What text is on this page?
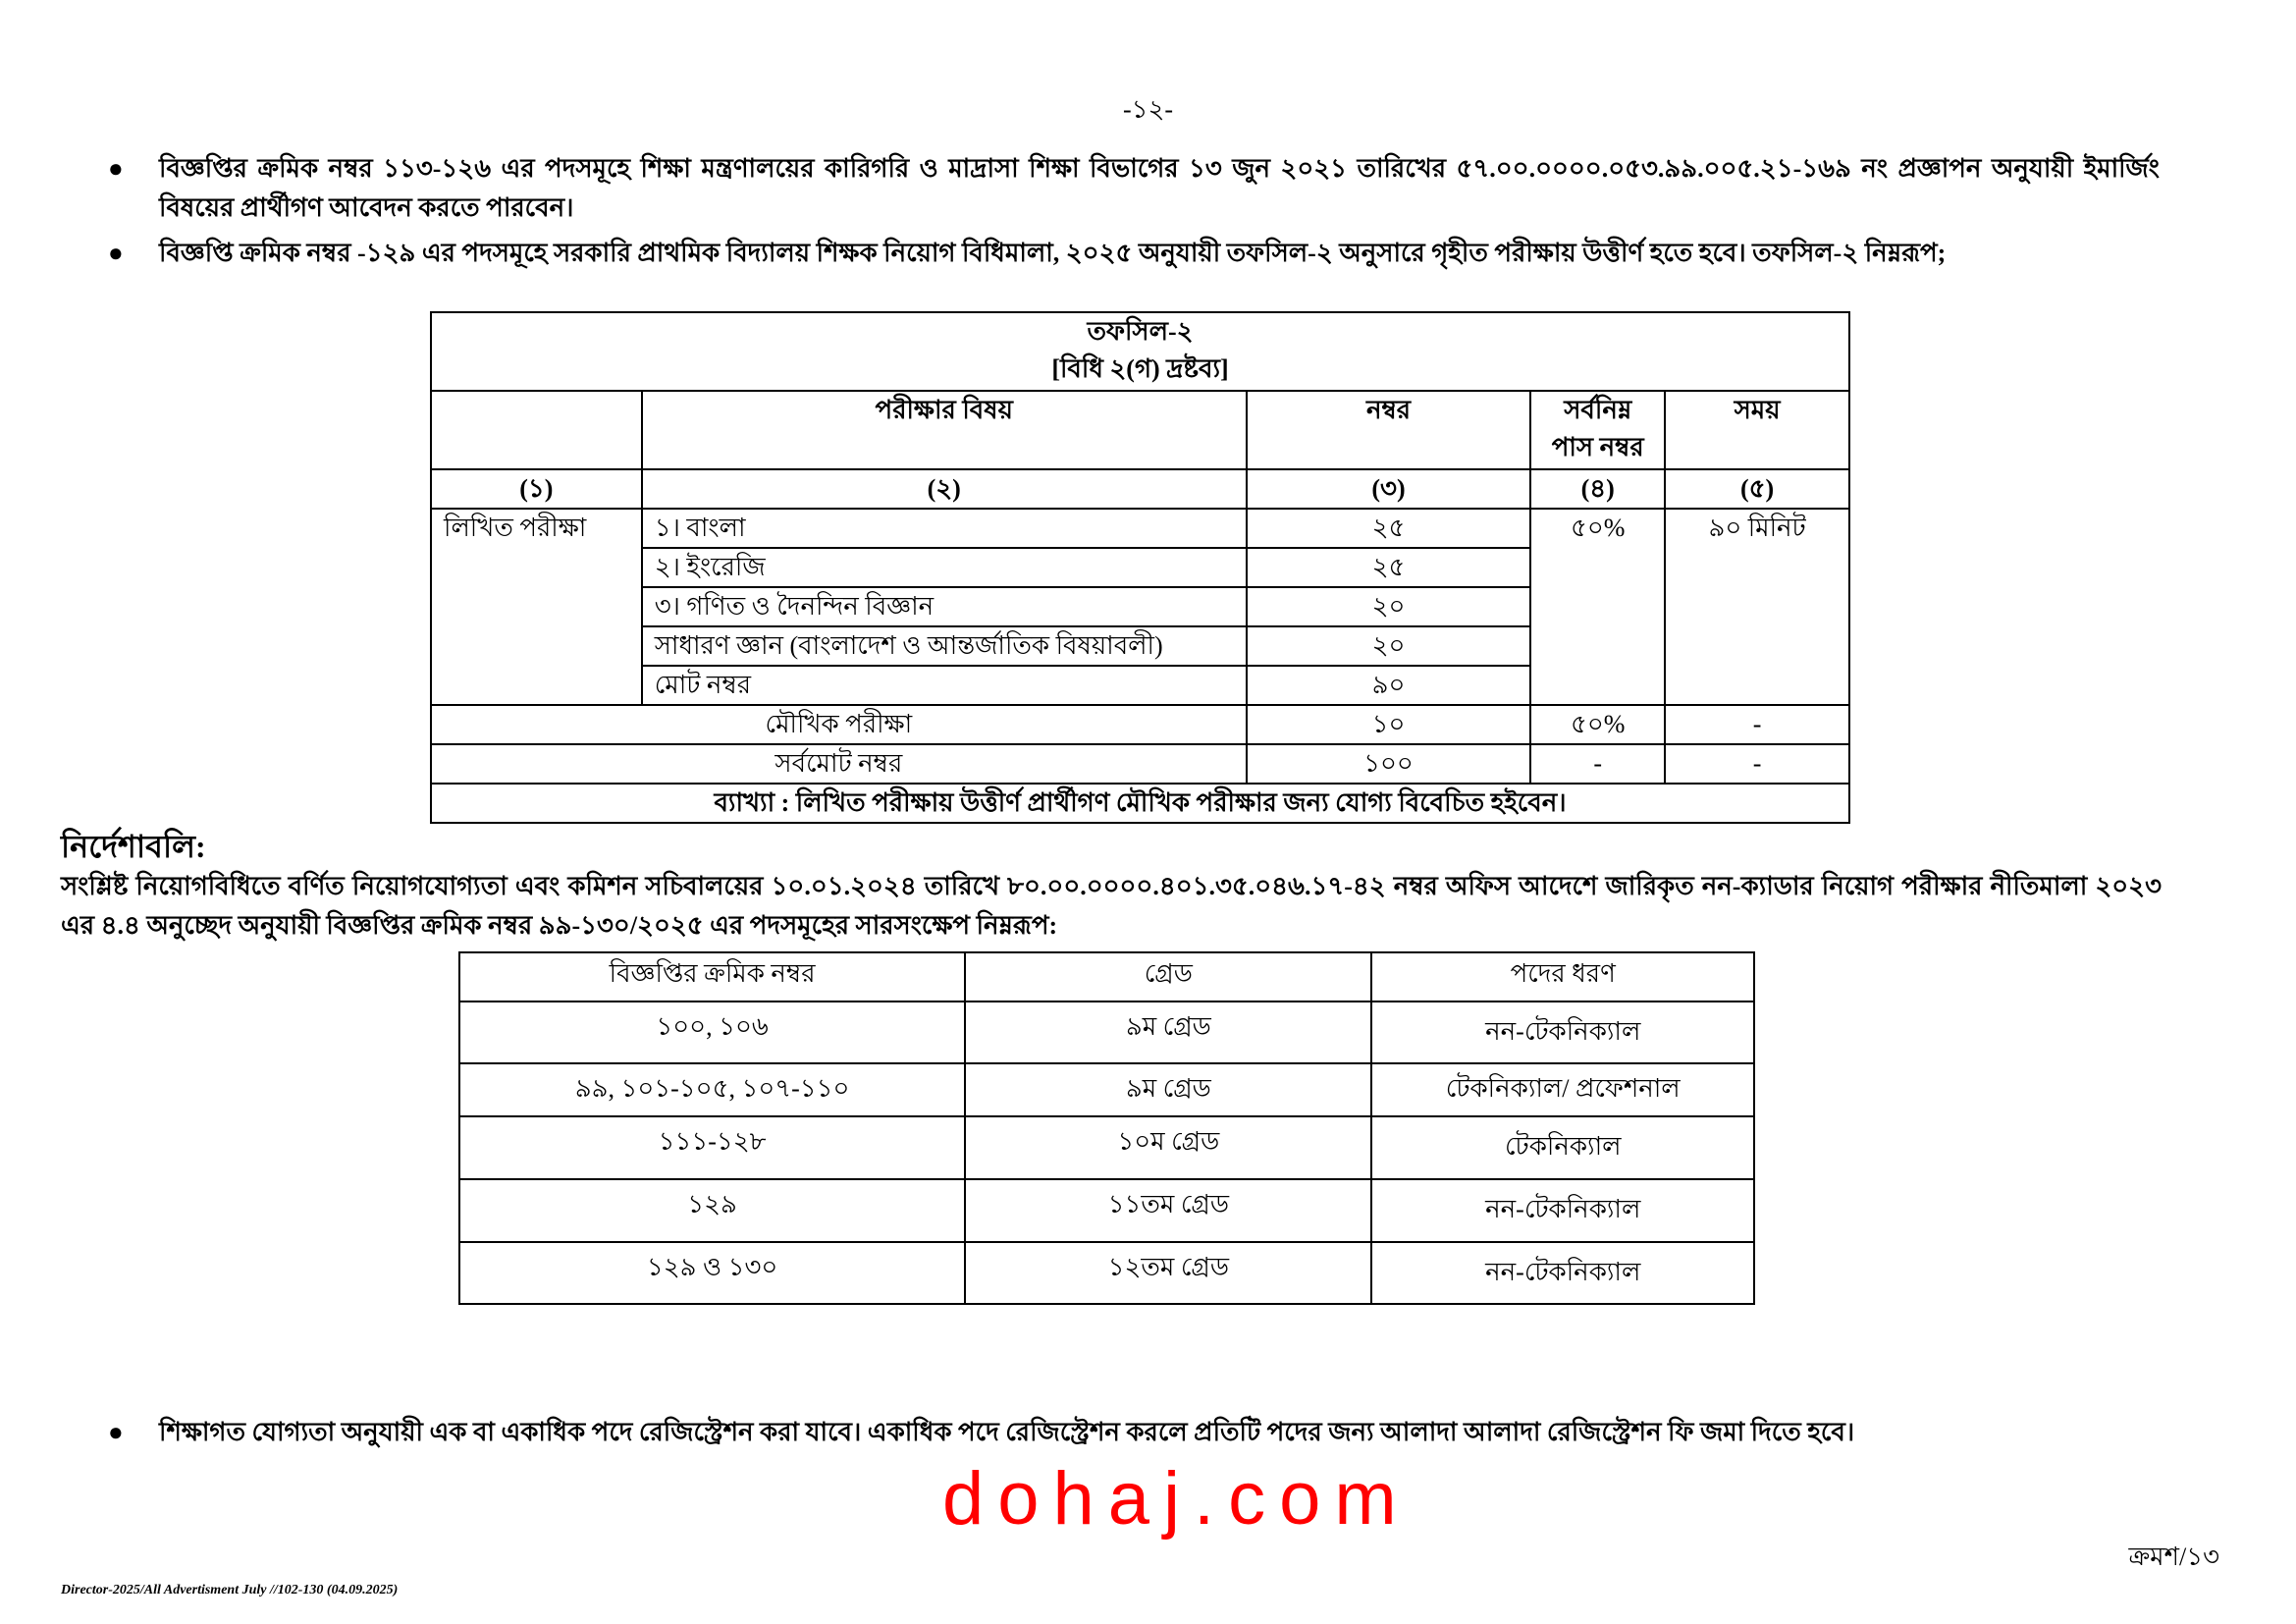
-১২-
●	বিজ্ঞপ্তির ক্রমিক নম্বর ১১৩-১২৬ এর পদসমূহে শিক্ষা মন্ত্রণালয়ের কারিগরি ও মাদ্রাসা শিক্ষা বিভাগের ১৩ জুন ২০২১ তারিখের ৫৭.০০.০০০০.০৫৩.৯৯.০০৫.২১-১৬৯ নং প্রজ্ঞাপন অনুযায়ী ইমার্জিং বিষয়ের প্রার্থীগণ আবেদন করতে পারবেন।
●	বিজ্ঞপ্তি ক্রমিক নম্বর -১২৯ এর পদসমূহে সরকারি প্রাথমিক বিদ্যালয় শিক্ষক নিয়োগ বিধিমালা, ২০২৫ অনুযায়ী তফসিল-২ অনুসারে গৃহীত পরীক্ষায় উত্তীর্ণ হতে হবে। তফসিল-২ নিম্নরূপ;
তফসিল-২
[বিধি ২(গ) দ্রষ্টব্য]				

	পরীক্ষার বিষয়	নম্বর	সর্বনিম্ন পাস নম্বর	সময়
(১)	(২)	(৩)	(৪)	(৫)
লিখিত পরীক্ষা	১। বাংলা	২৫	৫০%	৯০ মিনিট
	২। ইংরেজি	২৫		
	৩। গণিত ও দৈনন্দিন বিজ্ঞান	২০		
	সাধারণ জ্ঞান (বাংলাদেশ ও আন্তর্জাতিক বিষয়াবলী)	২০		
	মোট নম্বর	৯০		
মৌখিক পরীক্ষা		১০	৫০%	-
সর্বমোট নম্বর		১০০	-	-
ব্যাখ্যা : লিখিত পরীক্ষায় উত্তীর্ণ প্রার্থীগণ মৌখিক পরীক্ষার জন্য যোগ্য বিবেচিত হইবেন।				
নির্দেশাবলি:
সংশ্লিষ্ট নিয়োগবিধিতে বর্ণিত নিয়োগযোগ্যতা এবং কমিশন সচিবালয়ের ১০.০১.২০২৪ তারিখে ৮০.০০.০০০০.৪০১.৩৫.০৪৬.১৭-৪২ নম্বর অফিস আদেশে জারিকৃত নন-ক্যাডার নিয়োগ পরীক্ষার নীতিমালা ২০২৩ এর ৪.৪ অনুচ্ছেদ অনুযায়ী বিজ্ঞপ্তির ক্রমিক নম্বর ৯৯-১৩০/২০২৫ এর পদসমূহের সারসংক্ষেপ নিম্নরূপ:
বিজ্ঞপ্তির ক্রমিক নম্বর	গ্রেড	পদের ধরণ
১০০, ১০৬	৯ম গ্রেড	নন-টেকনিক্যাল
৯৯, ১০১-১০৫, ১০৭-১১০	৯ম গ্রেড	টেকনিক্যাল/ প্রফেশনাল
১১১-১২৮	১০ম গ্রেড	টেকনিক্যাল
১২৯	১১তম গ্রেড	নন-টেকনিক্যাল
১২৯ ও ১৩০	১২তম গ্রেড	নন-টেকনিক্যাল
●	শিক্ষাগত যোগ্যতা অনুযায়ী এক বা একাধিক পদে রেজিস্ট্রেশন করা যাবে। একাধিক পদে রেজিস্ট্রেশন করলে প্রতিটি পদের জন্য আলাদা আলাদা রেজিস্ট্রেশন ফি জমা দিতে হবে।
dohaj.com
ক্রমশ/১৩
Director-2025/All Advertisment July //102-130 (04.09.2025)
